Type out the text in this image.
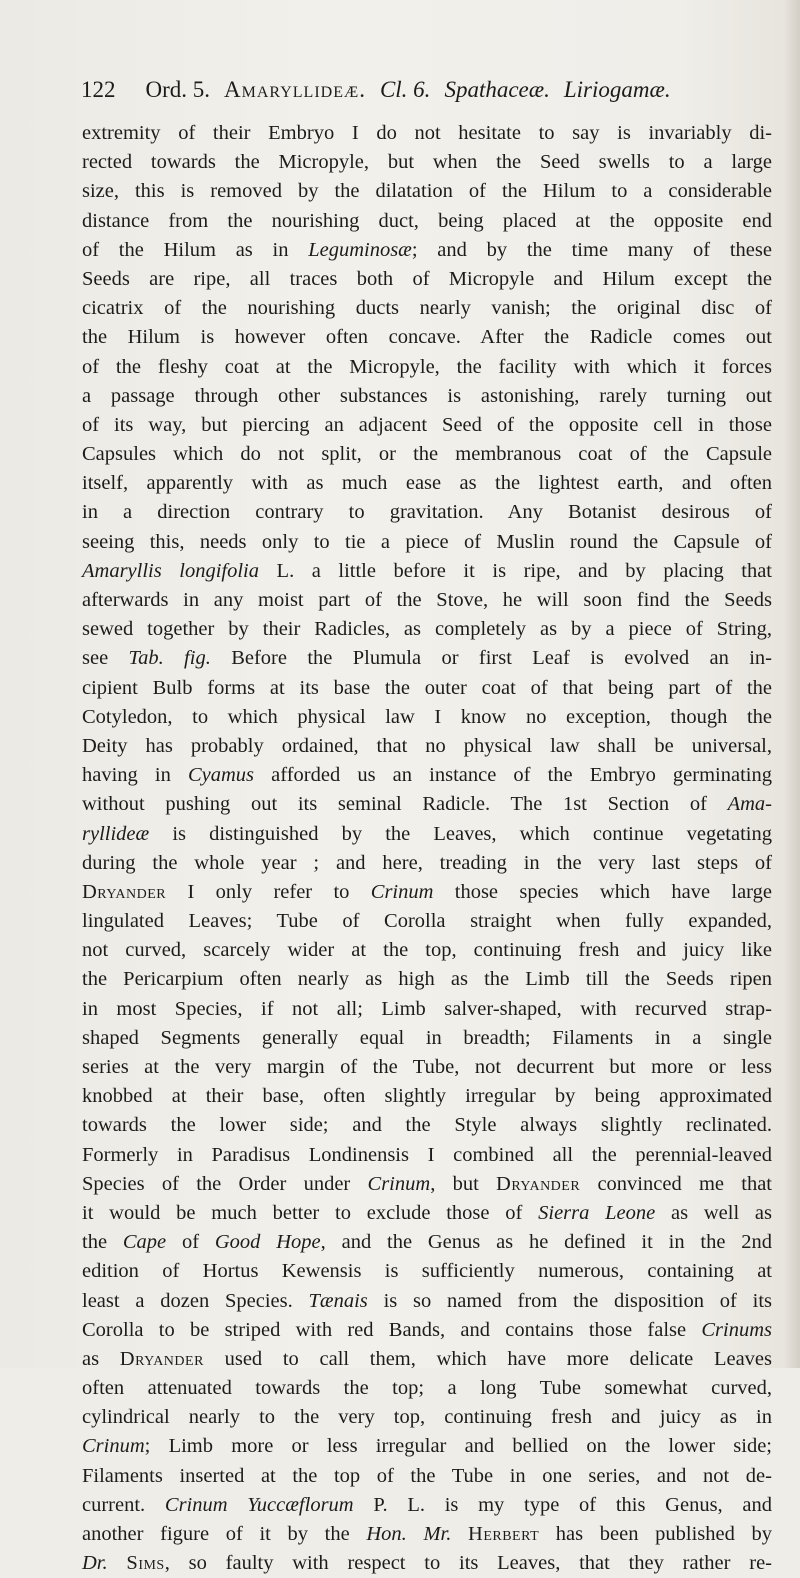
122 Ord. 5. Amaryllideæ. Cl. 6. Spathaceæ. Liriogamæ.
extremity of their Embryo I do not hesitate to say is invariably di-
rected towards the Micropyle, but when the Seed swells to a large
size, this is removed by the dilatation of the Hilum to a considerable
distance from the nourishing duct, being placed at the opposite end
of the Hilum as in Leguminosæ; and by the time many of these
Seeds are ripe, all traces both of Micropyle and Hilum except the
cicatrix of the nourishing ducts nearly vanish; the original disc of
the Hilum is however often concave. After the Radicle comes out
of the fleshy coat at the Micropyle, the facility with which it forces
a passage through other substances is astonishing, rarely turning out
of its way, but piercing an adjacent Seed of the opposite cell in those
Capsules which do not split, or the membranous coat of the Capsule
itself, apparently with as much ease as the lightest earth, and often
in a direction contrary to gravitation. Any Botanist desirous of
seeing this, needs only to tie a piece of Muslin round the Capsule of
Amaryllis longifolia L. a little before it is ripe, and by placing that
afterwards in any moist part of the Stove, he will soon find the Seeds
sewed together by their Radicles, as completely as by a piece of String,
see Tab. fig. Before the Plumula or first Leaf is evolved an in-
cipient Bulb forms at its base the outer coat of that being part of the
Cotyledon, to which physical law I know no exception, though the
Deity has probably ordained, that no physical law shall be universal,
having in Cyamus afforded us an instance of the Embryo germinating
without pushing out its seminal Radicle. The 1st Section of Ama-
ryllideæ is distinguished by the Leaves, which continue vegetating
during the whole year ; and here, treading in the very last steps of
Dryander I only refer to Crinum those species which have large
lingulated Leaves; Tube of Corolla straight when fully expanded,
not curved, scarcely wider at the top, continuing fresh and juicy like
the Pericarpium often nearly as high as the Limb till the Seeds ripen
in most Species, if not all; Limb salver-shaped, with recurved strap-
shaped Segments generally equal in breadth; Filaments in a single
series at the very margin of the Tube, not decurrent but more or less
knobbed at their base, often slightly irregular by being approximated
towards the lower side; and the Style always slightly reclinated.
Formerly in Paradisus Londinensis I combined all the perennial-leaved
Species of the Order under Crinum, but Dryander convinced me that
it would be much better to exclude those of Sierra Leone as well as
the Cape of Good Hope, and the Genus as he defined it in the 2nd
edition of Hortus Kewensis is sufficiently numerous, containing at
least a dozen Species. Tænais is so named from the disposition of its
Corolla to be striped with red Bands, and contains those false Crinums
as Dryander used to call them, which have more delicate Leaves
often attenuated towards the top; a long Tube somewhat curved,
cylindrical nearly to the very top, continuing fresh and juicy as in
Crinum; Limb more or less irregular and bellied on the lower side;
Filaments inserted at the top of the Tube in one series, and not de-
current. Crinum Yuccæflorum P. L. is my type of this Genus, and
another figure of it by the Hon. Mr. Herbert has been published by
Dr. Sims, so faulty with respect to its Leaves, that they rather re-
